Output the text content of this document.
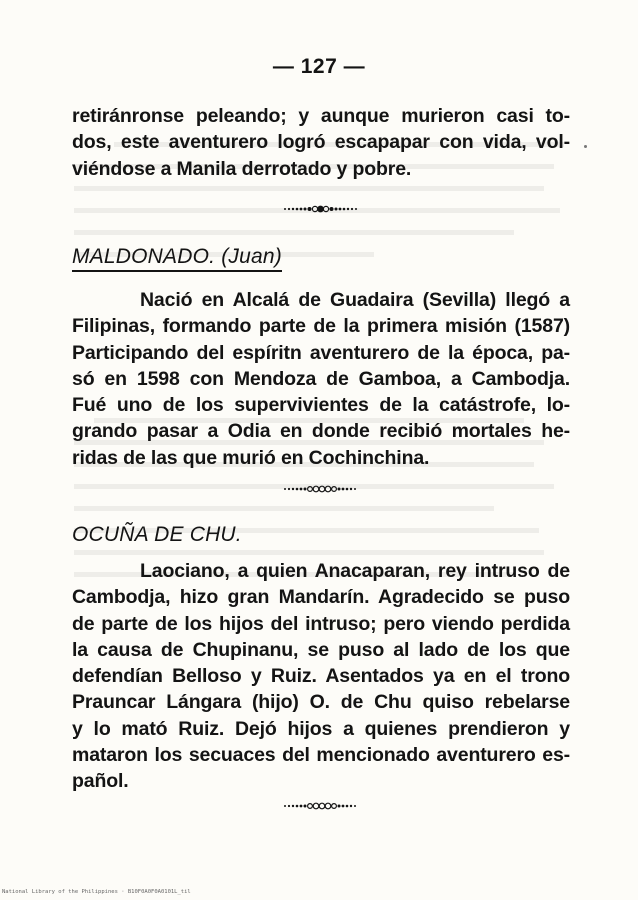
— 127 —
retiránronse peleando; y aunque murieron casi to-
dos, este aventurero logró escapapar con vida, vol-
viéndose a Manila derrotado y pobre.
MALDONADO. (Juan)
Nació en Alcalá de Guadaira (Sevilla) llegó a
Filipinas, formando parte de la primera misión (1587)
Participando del espíritn aventurero de la época, pa-
só en 1598 con Mendoza de Gamboa, a Cambodja.
Fué uno de los supervivientes de la catástrofe, lo-
grando pasar a Odia en donde recibió mortales he-
ridas de las que murió en Cochinchina.
OCUÑA DE CHU.
Laociano, a quien Anacaparan, rey intruso de
Cambodja, hizo gran Mandarín. Agradecido se puso
de parte de los hijos del intruso; pero viendo perdida
la causa de Chupinanu, se puso al lado de los que
defendían Belloso y Ruiz. Asentados ya en el trono
Prauncar Lángara (hijo) O. de Chu quiso rebelarse
y lo mató Ruiz. Dejó hijos a quienes prendieron y
mataron los secuaces del mencionado aventurero es-
pañol.
National Library of the Philippines · B10F0A0F0A0101L_til
